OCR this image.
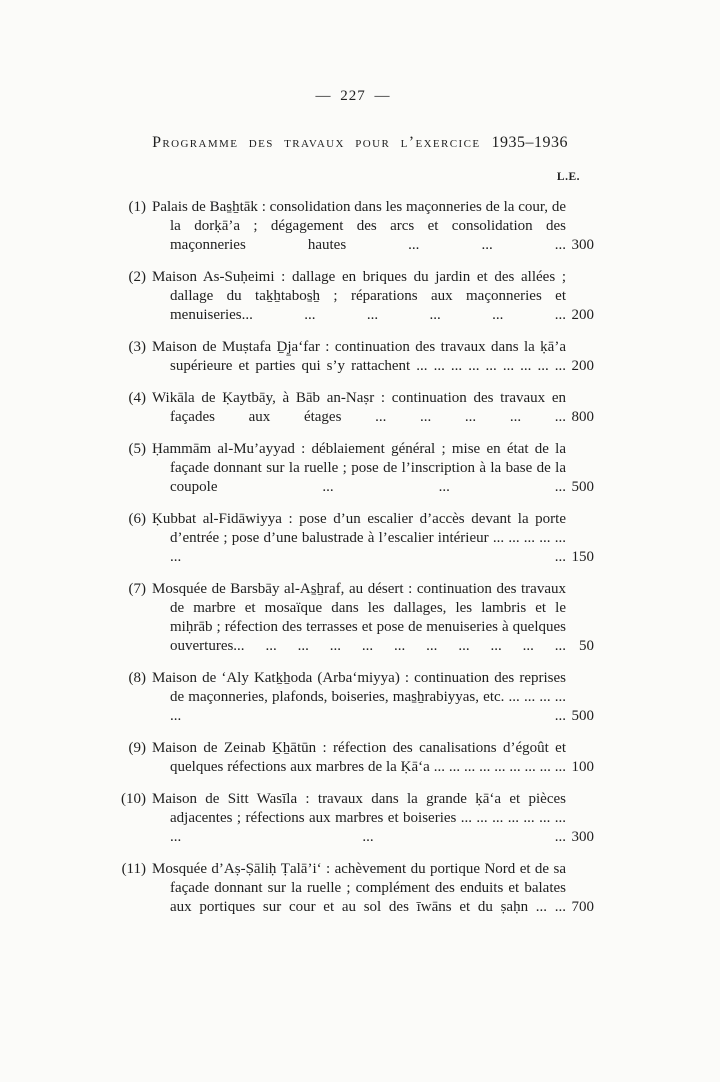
— 227 —
Programme des travaux pour l’exercice 1935–1936
L.E.
(1) Palais de Bas̱ẖtāk : consolidation dans les maçonneries de la cour, de la dorḳā’a ; dégagement des arcs et consolidation des maçonneries hautes ... ... ... 300
(2) Maison As-Suḥeimi : dallage en briques du jardin et des allées ; dallage du taḵẖtabos̱ẖ ; réparations aux maçonneries et menuiseries... ... ... ... ... ... 200
(3) Maison de Muṣtafa Ḏj̱a‘far : continuation des travaux dans la ḳā’a supérieure et parties qui s’y rattachent ... ... ... ... ... ... ... ... ... 200
(4) Wikāla de Ḳaytbāy, à Bāb an-Naṣr : continuation des travaux en façades aux étages ... ... ... ... ... 800
(5) Ḥammām al-Mu’ayyad : déblaiement général ; mise en état de la façade donnant sur la ruelle ; pose de l’inscription à la base de la coupole ... ... ... 500
(6) Ḳubbat al-Fidāwiyya : pose d’un escalier d’accès devant la porte d’entrée ; pose d’une balustrade à l’escalier intérieur ... ... ... ... ... ... ... 150
(7) Mosquée de Barsbāy al-As̱ẖraf, au désert : continuation des travaux de marbre et mosaïque dans les dallages, les lambris et le miḥrāb ; réfection des terrasses et pose de menuiseries à quelques ouvertures... ... ... ... ... ... ... ... ... ... ... 50
(8) Maison de ‘Aly Katḵẖoda (Arba‘miyya) : continuation des reprises de maçonneries, plafonds, boiseries, mas̱ẖrabiyyas, etc. ... ... ... ... ... ... 500
(9) Maison de Zeinab Ḵẖātūn : réfection des canalisations d’égoût et quelques réfections aux marbres de la Ḳā‘a ... ... ... ... ... ... ... ... ... 100
(10) Maison de Sitt Wasīla : travaux dans la grande ḳā‘a et pièces adjacentes ; réfections aux marbres et boiseries ... ... ... ... ... ... ... ... ... ... 300
(11) Mosquée d’Aṣ-Ṣāliḥ Ṭalā’i‘ : achèvement du portique Nord et de sa façade donnant sur la ruelle ; complément des enduits et balates aux portiques sur cour et au sol des īwāns et du ṣaḥn ... ... 700
